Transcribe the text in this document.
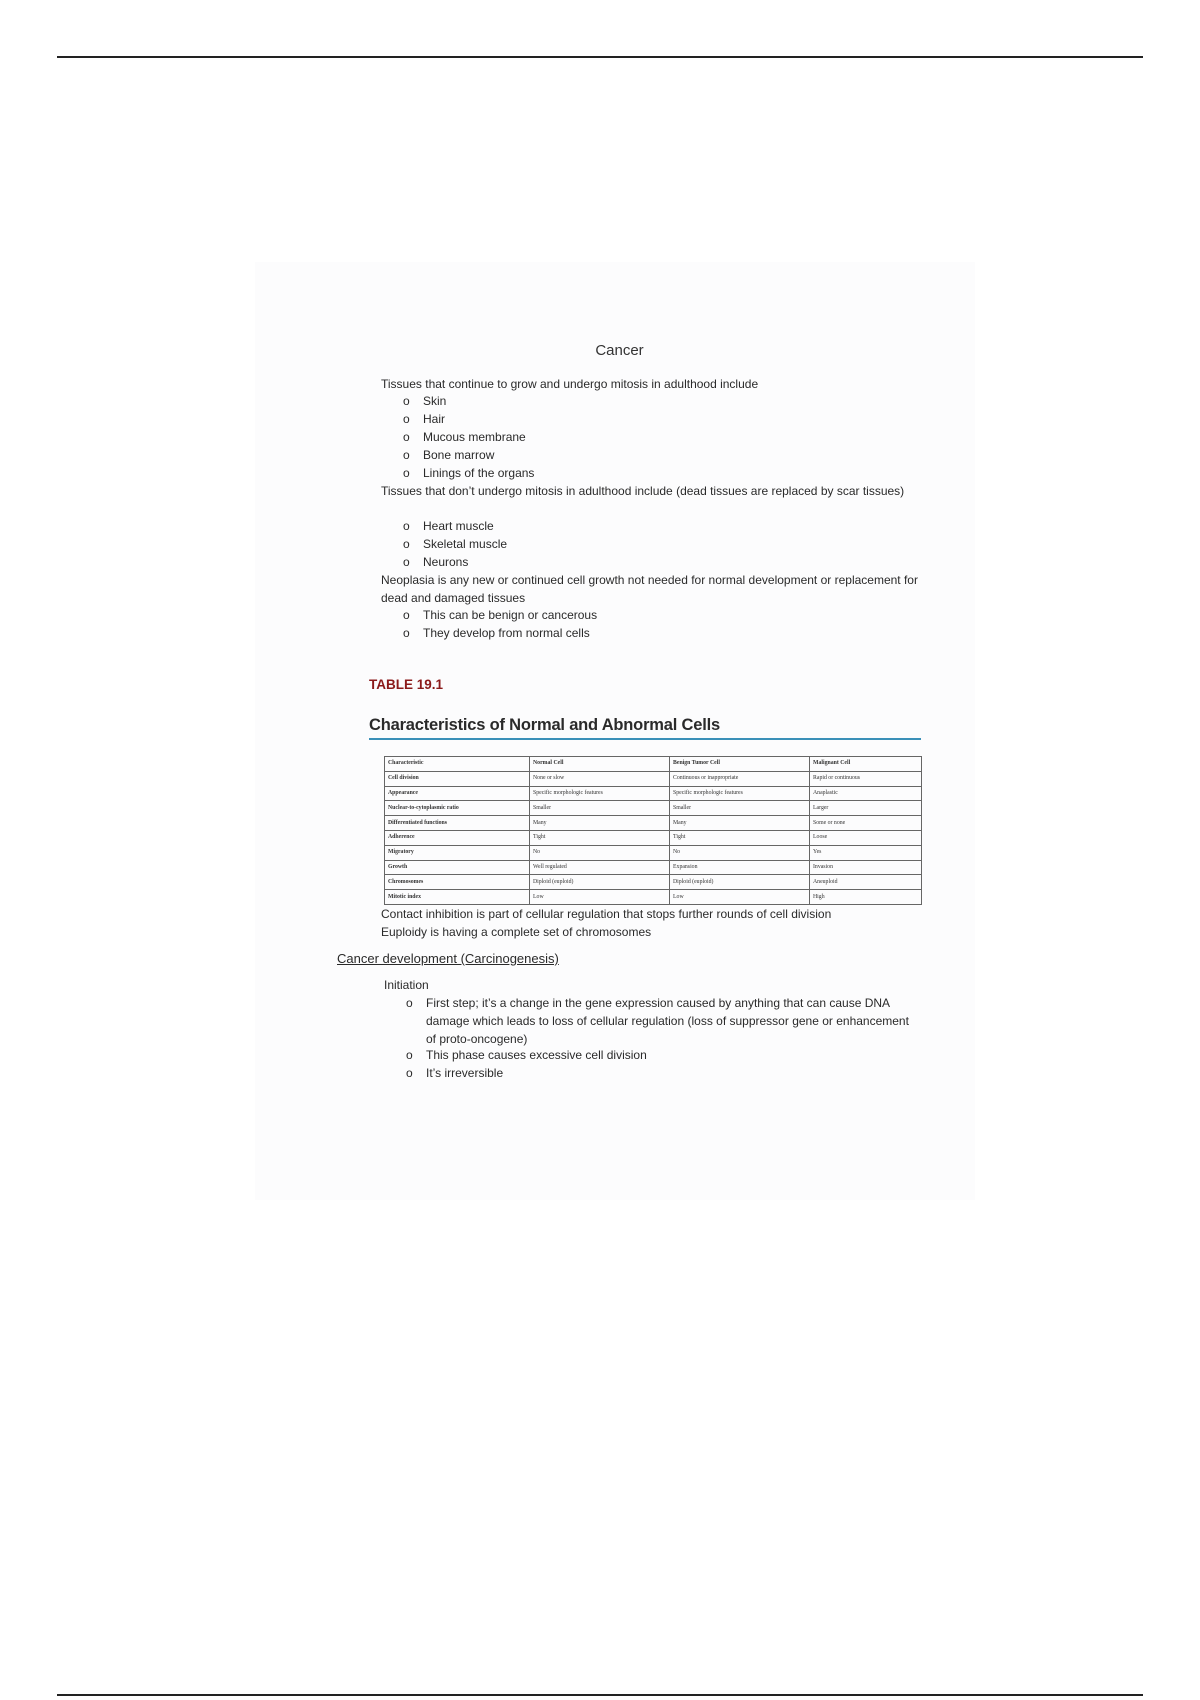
Cancer
Tissues that continue to grow and undergo mitosis in adulthood include
o Skin
o Hair
o Mucous membrane
o Bone marrow
o Linings of the organs
Tissues that don’t undergo mitosis in adulthood include (dead tissues are replaced by scar tissues)
o Heart muscle
o Skeletal muscle
o Neurons
Neoplasia is any new or continued cell growth not needed for normal development or replacement for dead and damaged tissues
o This can be benign or cancerous
o They develop from normal cells
TABLE 19.1
Characteristics of Normal and Abnormal Cells
Characteristic	Normal Cell	Benign Tumor Cell	Malignant Cell
Cell division	None or slow	Continuous or inappropriate	Rapid or continuous
Appearance	Specific morphologic features	Specific morphologic features	Anaplastic
Nuclear-to-cytoplasmic ratio	Smaller	Smaller	Larger
Differentiated functions	Many	Many	Some or none
Adherence	Tight	Tight	Loose
Migratory	No	No	Yes
Growth	Well regulated	Expansion	Invasion
Chromosomes	Diploid (euploid)	Diploid (euploid)	Aneuploid
Mitotic index	Low	Low	High
Contact inhibition is part of cellular regulation that stops further rounds of cell division
Euploidy is having a complete set of chromosomes
Cancer development (Carcinogenesis)
Initiation
o First step; it’s a change in the gene expression caused by anything that can cause DNA damage which leads to loss of cellular regulation (loss of suppressor gene or enhancement of proto-oncogene)
o This phase causes excessive cell division
o It’s irreversible
